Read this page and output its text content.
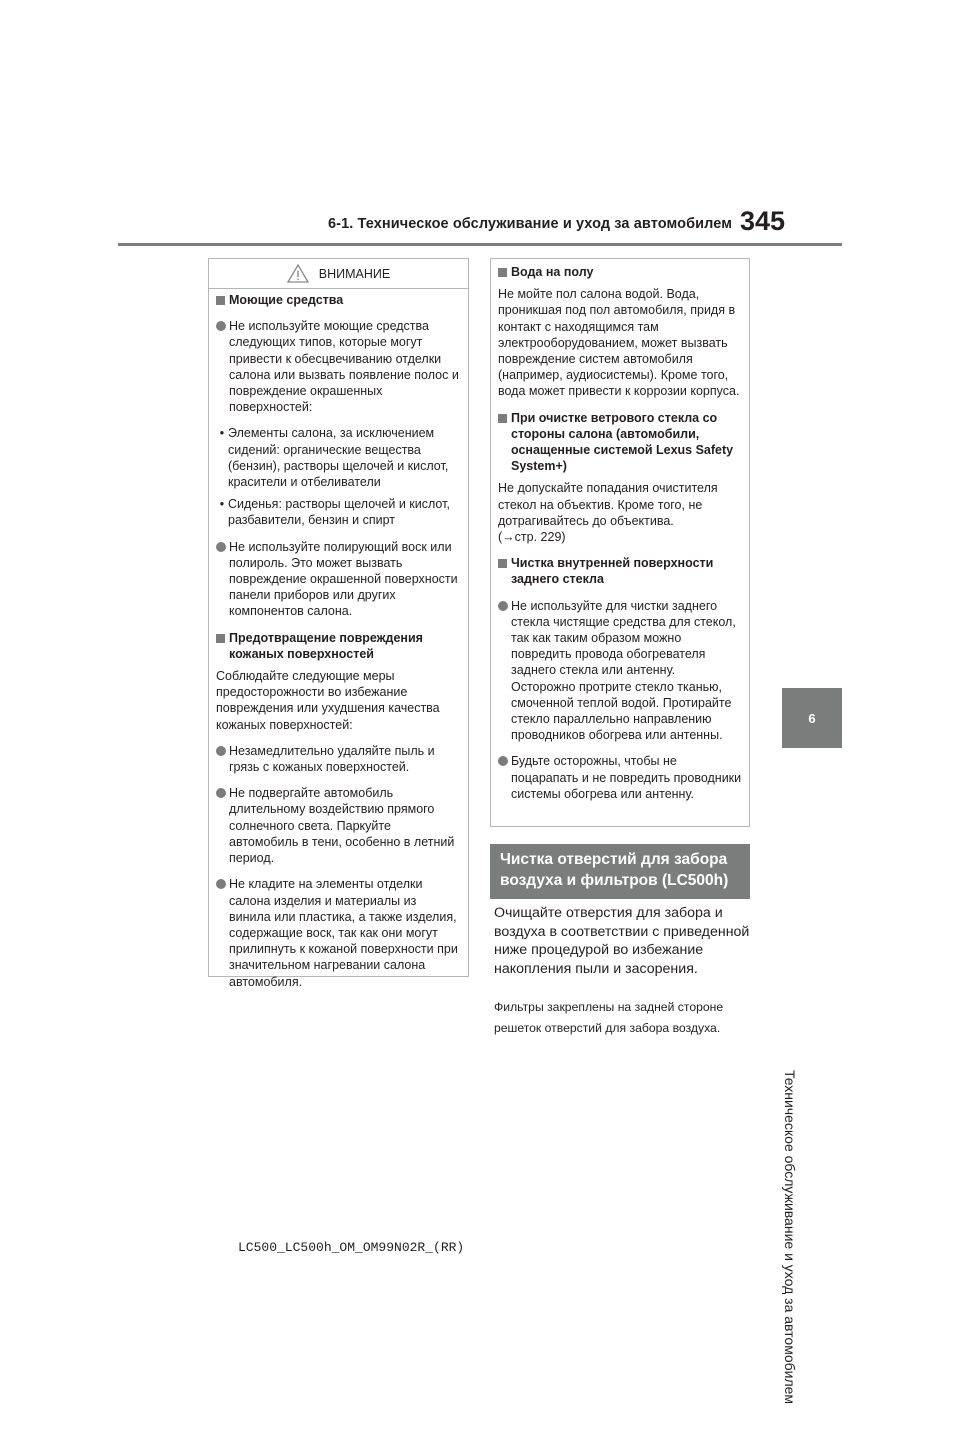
6-1. Техническое обслуживание и уход за автомобилем 345
6
Техническое обслуживание и уход за автомобилем
ВНИМАНИЕ
Моющие средства
Не используйте моющие средства следующих типов, которые могут привести к обесцвечиванию отделки салона или вызвать появление полос и повреждение окрашенных поверхностей:
• Элементы салона, за исключением сидений: органические вещества (бензин), растворы щелочей и кислот, красители и отбеливатели
• Сиденья: растворы щелочей и кислот, разбавители, бензин и спирт
Не используйте полирующий воск или полироль. Это может вызвать повреждение окрашенной поверхности панели приборов или других компонентов салона.
Предотвращение повреждения
кожаных поверхностей
Соблюдайте следующие меры предосторожности во избежание повреждения или ухудшения качества кожаных поверхностей:
Незамедлительно удаляйте пыль и грязь с кожаных поверхностей.
Не подвергайте автомобиль длительному воздействию прямого солнечного света. Паркуйте автомобиль в тени, особенно в летний период.
Не кладите на элементы отделки салона изделия и материалы из винила или пластика, а также изделия, содержащие воск, так как они могут прилипнуть к кожаной поверхности при значительном нагревании салона автомобиля.
Вода на полу
Не мойте пол салона водой. Вода, проникшая под пол автомобиля, придя в контакт с находящимся там электрооборудованием, может вызвать повреждение систем автомобиля (например, аудиосистемы). Кроме того, вода может привести к коррозии корпуса.
При очистке ветрового стекла со стороны салона (автомобили, оснащенные системой Lexus Safety System+)
Не допускайте попадания очистителя стекол на объектив. Кроме того, не дотрагивайтесь до объектива.
(→стр. 229)
Чистка внутренней поверхности заднего стекла
Не используйте для чистки заднего стекла чистящие средства для стекол, так как таким образом можно повредить провода обогревателя заднего стекла или антенну. Осторожно протрите стекло тканью, смоченной теплой водой. Протирайте стекло параллельно направлению проводников обогрева или антенны.
Будьте осторожны, чтобы не поцарапать и не повредить проводники системы обогрева или антенну.
Чистка отверстий для забора воздуха и фильтров (LC500h)
Очищайте отверстия для забора и воздуха в соответствии с приведенной ниже процедурой во избежание накопления пыли и засорения.
Фильтры закреплены на задней стороне решеток отверстий для забора воздуха.
LC500_LC500h_OM_OM99N02R_(RR)
